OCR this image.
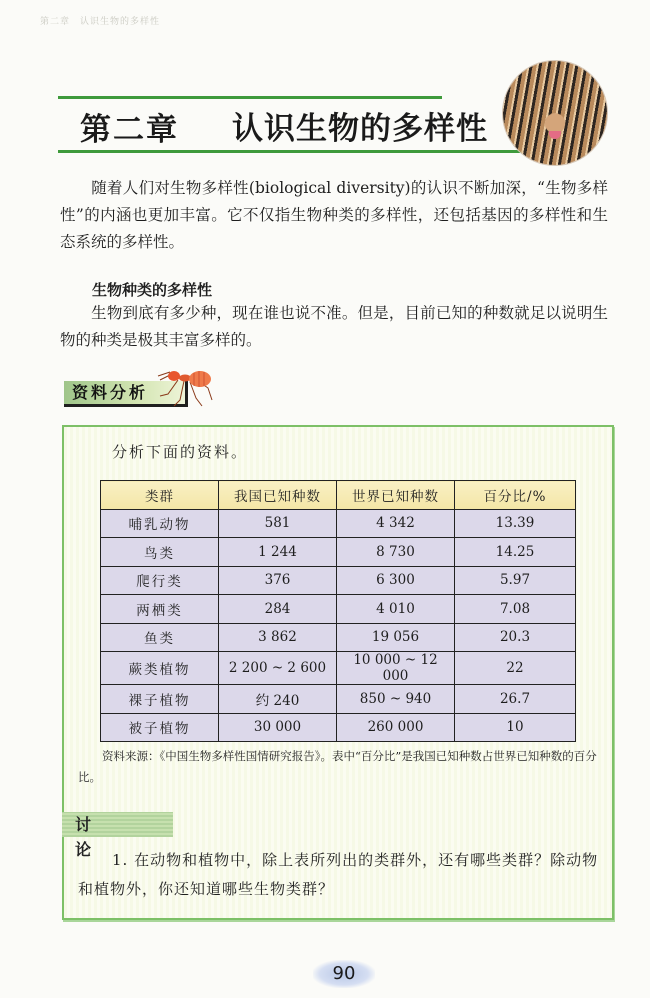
第二章　认识生物的多样性
第二章 认识生物的多样性
随着人们对生物多样性(biological diversity)的认识不断加深，“生物多样性”的内涵也更加丰富。它不仅指生物种类的多样性，还包括基因的多样性和生态系统的多样性。
生物种类的多样性
生物到底有多少种，现在谁也说不准。但是，目前已知的种数就足以说明生物的种类是极其丰富多样的。
资料分析
分析下面的资料。
类群	我国已知种数	世界已知种数	百分比/%
哺乳动物	581	4 342	13.39
鸟类	1 244	8 730	14.25
爬行类	376	6 300	5.97
两栖类	284	4 010	7.08
鱼类	3 862	19 056	20.3
蕨类植物	2 200 ~ 2 600	10 000 ~ 12 000	22
裸子植物	约 240	850 ~ 940	26.7
被子植物	30 000	260 000	10
资料来源：《中国生物多样性国情研究报告》。表中“百分比”是我国已知种数占世界已知种数的百分比。
讨　论
1. 在动物和植物中，除上表所列出的类群外，还有哪些类群？除动物和植物外，你还知道哪些生物类群？
90
